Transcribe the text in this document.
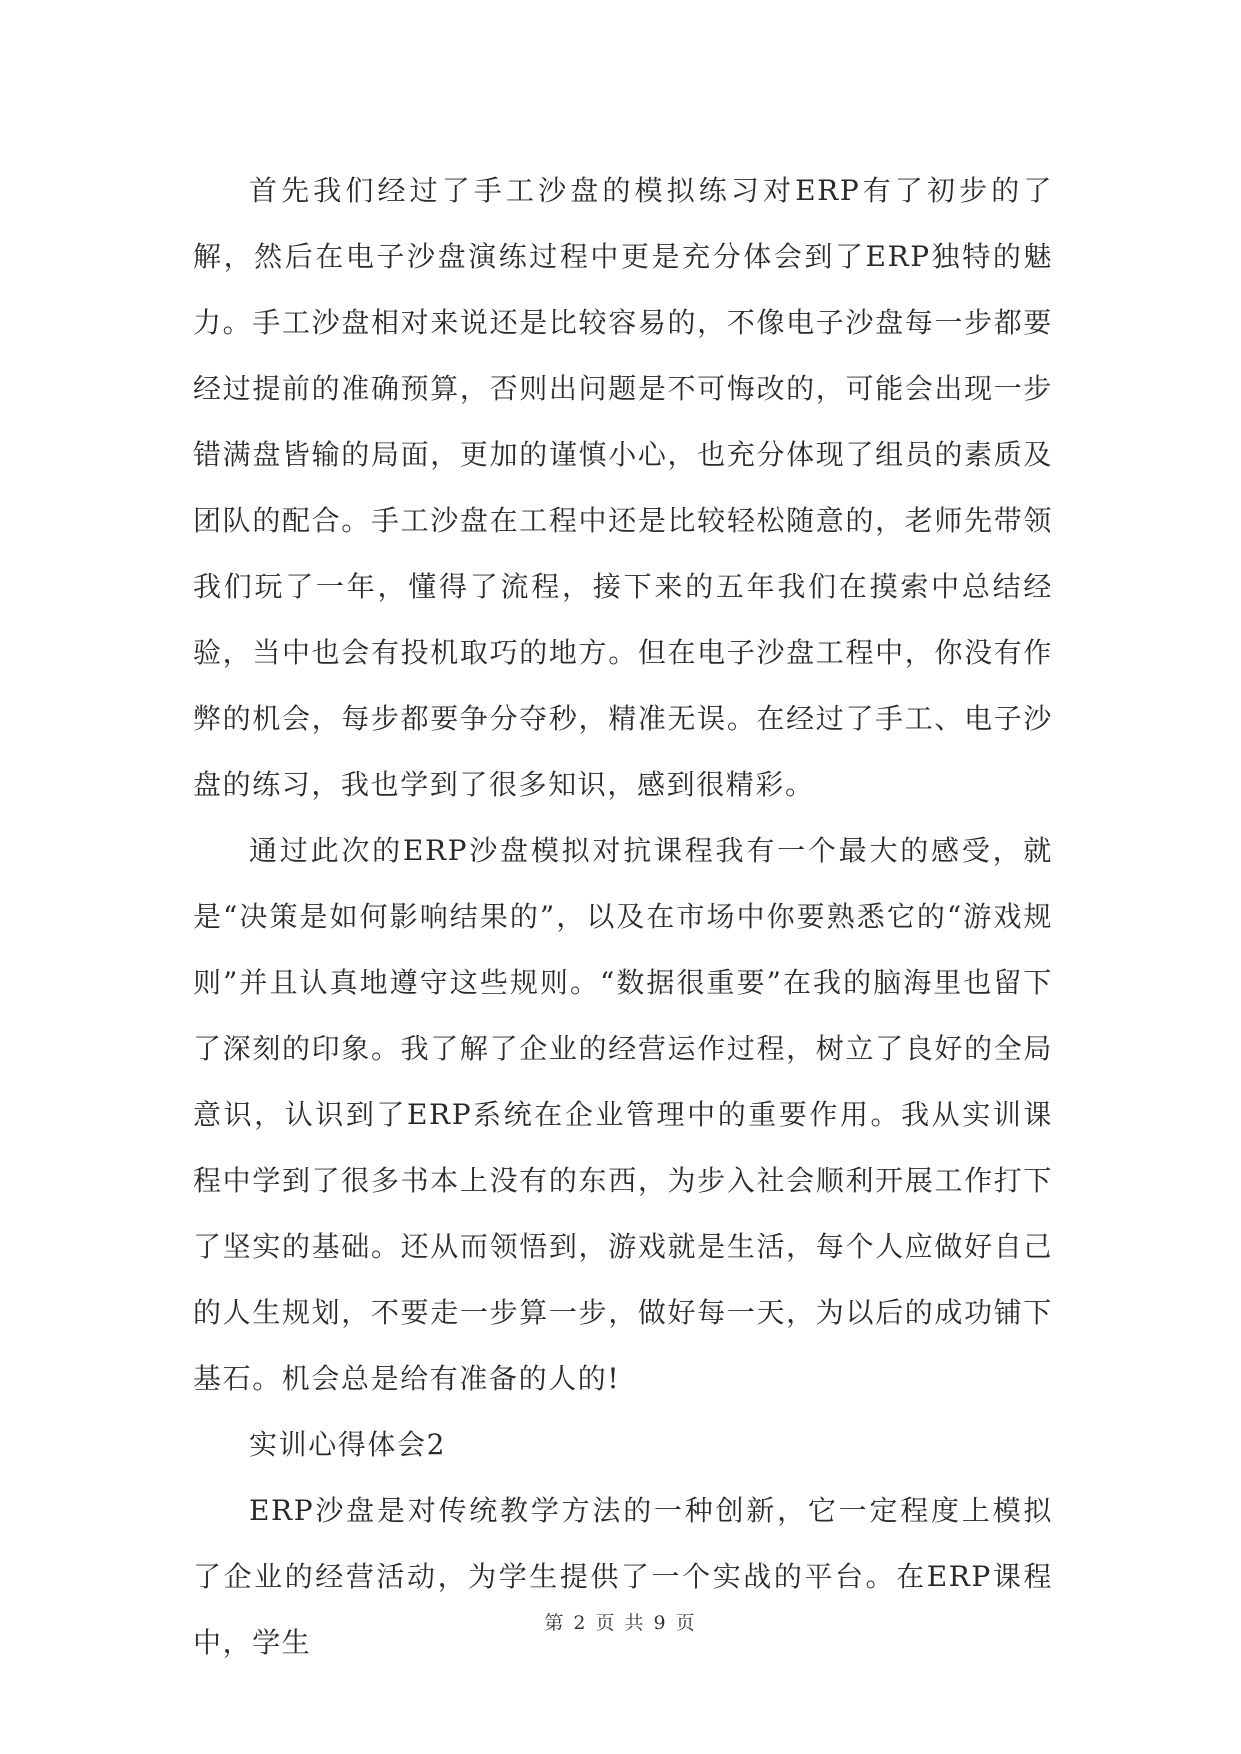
首先我们经过了手工沙盘的模拟练习对ERP有了初步的了解，然后在电子沙盘演练过程中更是充分体会到了ERP独特的魅力。手工沙盘相对来说还是比较容易的，不像电子沙盘每一步都要经过提前的准确预算，否则出问题是不可悔改的，可能会出现一步错满盘皆输的局面，更加的谨慎小心，也充分体现了组员的素质及团队的配合。手工沙盘在工程中还是比较轻松随意的，老师先带领我们玩了一年，懂得了流程，接下来的五年我们在摸索中总结经验，当中也会有投机取巧的地方。但在电子沙盘工程中，你没有作弊的机会，每步都要争分夺秒，精准无误。在经过了手工、电子沙盘的练习，我也学到了很多知识，感到很精彩。

通过此次的ERP沙盘模拟对抗课程我有一个最大的感受，就是“决策是如何影响结果的”，以及在市场中你要熟悉它的“游戏规则”并且认真地遵守这些规则。“数据很重要”在我的脑海里也留下了深刻的印象。我了解了企业的经营运作过程，树立了良好的全局意识，认识到了ERP系统在企业管理中的重要作用。我从实训课程中学到了很多书本上没有的东西，为步入社会顺利开展工作打下了坚实的基础。还从而领悟到，游戏就是生活，每个人应做好自己的人生规划，不要走一步算一步，做好每一天，为以后的成功铺下基石。机会总是给有准备的人的!

实训心得体会2

ERP沙盘是对传统教学方法的一种创新，它一定程度上模拟了企业的经营活动，为学生提供了一个实战的平台。在ERP课程中，学生

第 2 页 共 9 页
